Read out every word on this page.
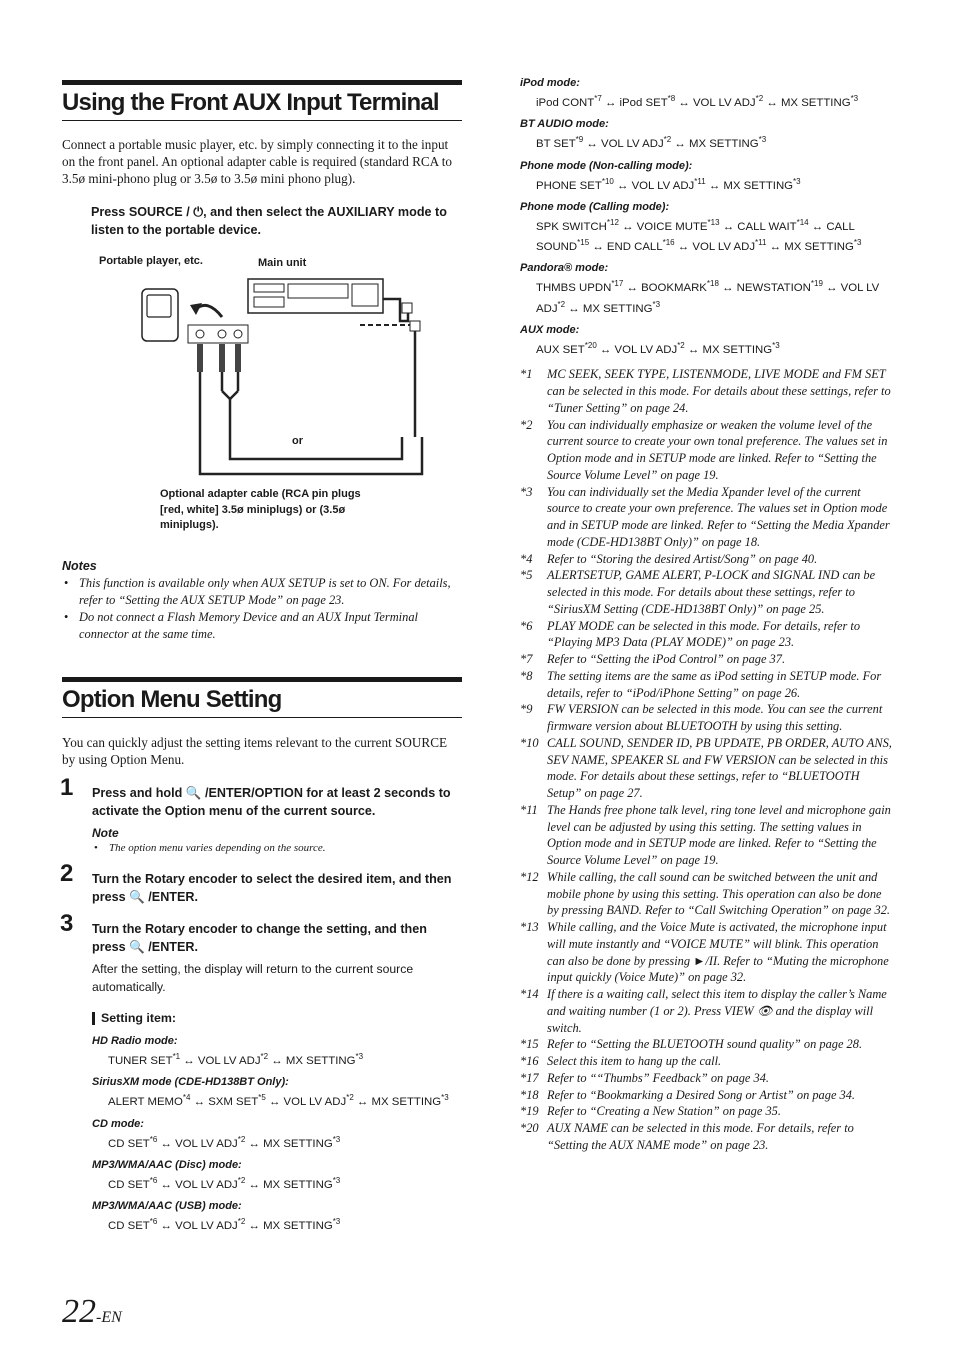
Using the Front AUX Input Terminal

Connect a portable music player, etc. by simply connecting it to the input on the front panel. An optional adapter cable is required (standard RCA to 3.5ø mini-phono plug or 3.5ø to 3.5ø mini phono plug).

Press SOURCE / ⏻, and then select the AUXILIARY mode to listen to the portable device.

Portable player, etc.	Main unit
or
Optional adapter cable (RCA pin plugs [red, white] 3.5ø miniplugs) or (3.5ø miniplugs).
Notes
• This function is available only when AUX SETUP is set to ON. For details, refer to “Setting the AUX SETUP Mode” on page 23.
• Do not connect a Flash Memory Device and an AUX Input Terminal connector at the same time.
Option Menu Setting

You can quickly adjust the setting items relevant to the current SOURCE by using Option Menu.

1 Press and hold 🔍 /ENTER/OPTION for at least 2 seconds to activate the Option menu of the current source.
Note
• The option menu varies depending on the source.
2 Turn the Rotary encoder to select the desired item, and then press 🔍 /ENTER.
3 Turn the Rotary encoder to change the setting, and then press 🔍 /ENTER.

After the setting, the display will return to the current source automatically.

Setting item:
HD Radio mode:
TUNER SET$^{*1}$ ↔ VOL LV ADJ$^{*2}$ ↔ MX SETTING$^{*3}$
SiriusXM mode (CDE-HD138BT Only):
ALERT MEMO$^{*4}$ ↔ SXM SET$^{*5}$ ↔ VOL LV ADJ$^{*2}$ ↔ MX SETTING$^{*3}$
CD mode:
CD SET$^{*6}$ ↔ VOL LV ADJ$^{*2}$ ↔ MX SETTING$^{*3}$
MP3/WMA/AAC (Disc) mode:
CD SET$^{*6}$ ↔ VOL LV ADJ$^{*2}$ ↔ MX SETTING$^{*3}$
MP3/WMA/AAC (USB) mode:
CD SET$^{*6}$ ↔ VOL LV ADJ$^{*2}$ ↔ MX SETTING$^{*3}$
iPod mode:
iPod CONT$^{*7}$ ↔ iPod SET$^{*8}$ ↔ VOL LV ADJ$^{*2}$ ↔ MX SETTING$^{*3}$
BT AUDIO mode:
BT SET$^{*9}$ ↔ VOL LV ADJ$^{*2}$ ↔ MX SETTING$^{*3}$
Phone mode (Non-calling mode):
PHONE SET$^{*10}$ ↔ VOL LV ADJ$^{*11}$ ↔ MX SETTING$^{*3}$
Phone mode (Calling mode):
SPK SWITCH$^{*12}$ ↔ VOICE MUTE$^{*13}$ ↔ CALL WAIT$^{*14}$ ↔ CALL SOUND$^{*15}$ ↔ END CALL$^{*16}$ ↔ VOL LV ADJ$^{*11}$ ↔ MX SETTING$^{*3}$
Pandora® mode:
THMBS UPDN$^{*17}$ ↔ BOOKMARK$^{*18}$ ↔ NEWSTATION$^{*19}$ ↔ VOL LV ADJ$^{*2}$ ↔ MX SETTING$^{*3}$
AUX mode:
AUX SET$^{*20}$ ↔ VOL LV ADJ$^{*2}$ ↔ MX SETTING$^{*3}$
*1	MC SEEK, SEEK TYPE, LISTENMODE, LIVE MODE and FM SET can be selected in this mode. For details about these settings, refer to “Tuner Setting” on page 24.
*2	You can individually emphasize or weaken the volume level of the current source to create your own tonal preference. The values set in Option mode and in SETUP mode are linked. Refer to “Setting the Source Volume Level” on page 19.
*3	You can individually set the Media Xpander level of the current source to create your own preference. The values set in Option mode and in SETUP mode are linked. Refer to “Setting the Media Xpander mode (CDE-HD138BT Only)” on page 18.
*4	Refer to “Storing the desired Artist/Song” on page 40.
*5	ALERTSETUP, GAME ALERT, P-LOCK and SIGNAL IND can be selected in this mode. For details about these settings, refer to “SiriusXM Setting (CDE-HD138BT Only)” on page 25.
*6	PLAY MODE can be selected in this mode. For details, refer to “Playing MP3 Data (PLAY MODE)” on page 23.
*7	Refer to “Setting the iPod Control” on page 37.
*8	The setting items are the same as iPod setting in SETUP mode. For details, refer to “iPod/iPhone Setting” on page 26.
*9	FW VERSION can be selected in this mode. You can see the current firmware version about BLUETOOTH by using this setting.
*10 CALL SOUND, SENDER ID, PB UPDATE, PB ORDER, AUTO ANS, SEV NAME, SPEAKER SL and FW VERSION can be selected in this mode. For details about these settings, refer to “BLUETOOTH Setup” on page 27.
*11 The Hands free phone talk level, ring tone level and microphone gain level can be adjusted by using this setting. The setting values in Option mode and in SETUP mode are linked. Refer to “Setting the Source Volume Level” on page 19.
*12 While calling, the call sound can be switched between the unit and mobile phone by using this setting. This operation can also be done by pressing BAND. Refer to “Call Switching Operation” on page 32.
*13 While calling, and the Voice Mute is activated, the microphone input will mute instantly and “VOICE MUTE” will blink. This operation can also be done by pressing ►/II. Refer to “Muting the microphone input quickly (Voice Mute)” on page 32.
*14 If there is a waiting call, select this item to display the caller’s Name and waiting number (1 or 2). Press VIEW 👁 and the display will switch.
*15 Refer to “Setting the BLUETOOTH sound quality” on page 28.
*16 Select this item to hang up the call.
*17 Refer to ““Thumbs” Feedback” on page 34.
*18 Refer to “Bookmarking a Desired Song or Artist” on page 34.
*19 Refer to “Creating a New Station” on page 35.
*20 AUX NAME can be selected in this mode. For details, refer to “Setting the AUX NAME mode” on page 23.
22-EN
